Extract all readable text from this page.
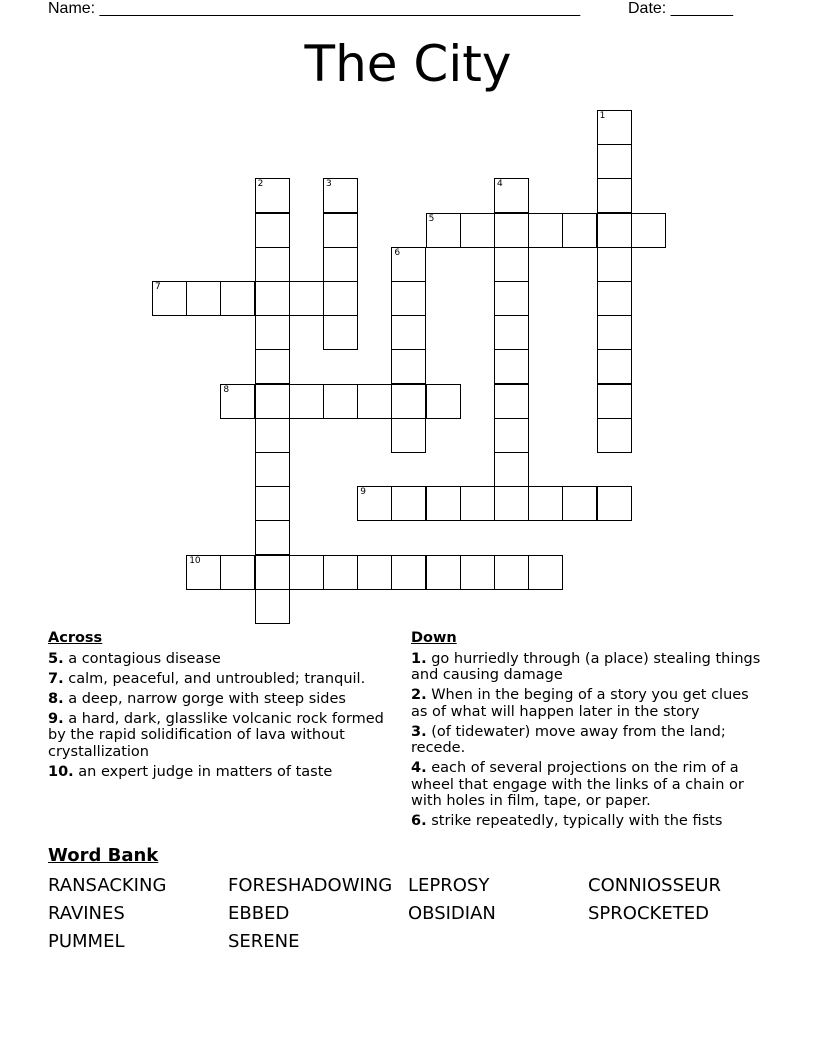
Name: ______________________________________________________

	Date: _______

The City
1
2	3	4
5
6
7
8
9
10
Across
5. a contagious disease
7. calm, peaceful, and untroubled; tranquil.
8. a deep, narrow gorge with steep sides
9. a hard, dark, glasslike volcanic rock formed by the rapid solidification of lava without crystallization
10. an expert judge in matters of taste
Down
1. go hurriedly through (a place) stealing things and causing damage
2. When in the beging of a story you get clues as of what will happen later in the story
3. (of tidewater) move away from the land; recede.
4. each of several projections on the rim of a wheel that engage with the links of a chain or with holes in film, tape, or paper.
6. strike repeatedly, typically with the fists
Word Bank
RANSACKING	FORESHADOWING LEPROSY	CONNIOSSEUR
RAVINES	EBBED	OBSIDIAN	SPROCKETED
PUMMEL	SERENE
